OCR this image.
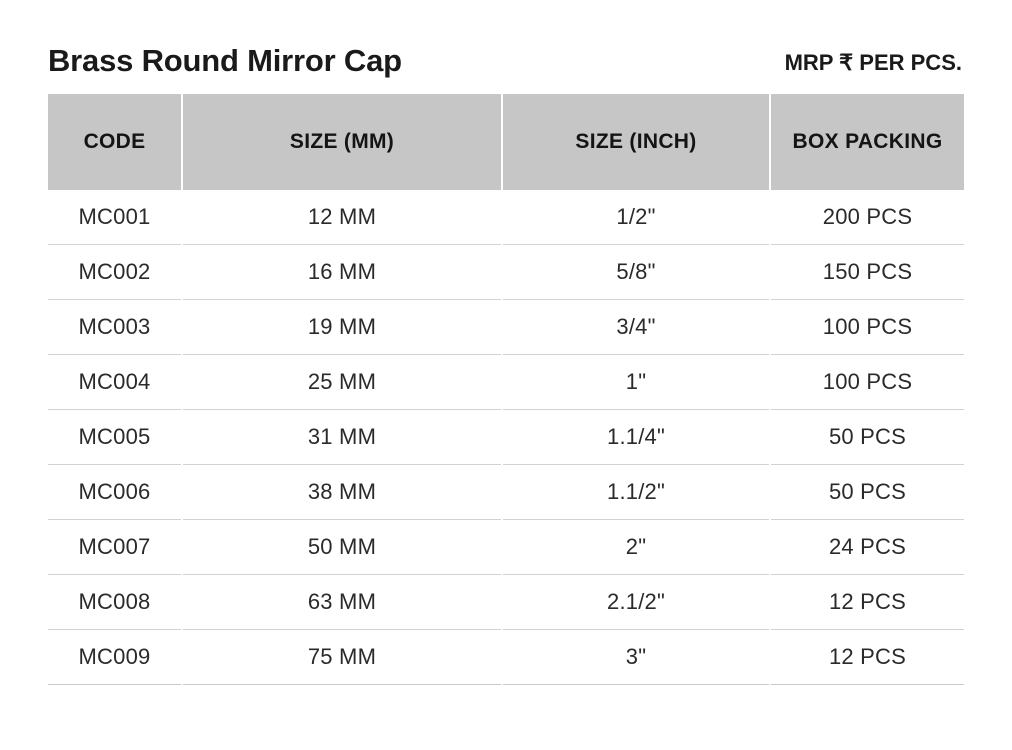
Brass Round Mirror Cap	MRP ₹ PER PCS.
CODE	SIZE (MM)	SIZE (INCH)	BOX PACKING
MC001	12 MM	1/2"	200 PCS
MC002	16 MM	5/8"	150 PCS
MC003	19 MM	3/4"	100 PCS
MC004	25 MM	1"	100 PCS
MC005	31 MM	1.1/4"	50 PCS
MC006	38 MM	1.1/2"	50 PCS
MC007	50 MM	2"	24 PCS
MC008	63 MM	2.1/2"	12 PCS
MC009	75 MM	3"	12 PCS
